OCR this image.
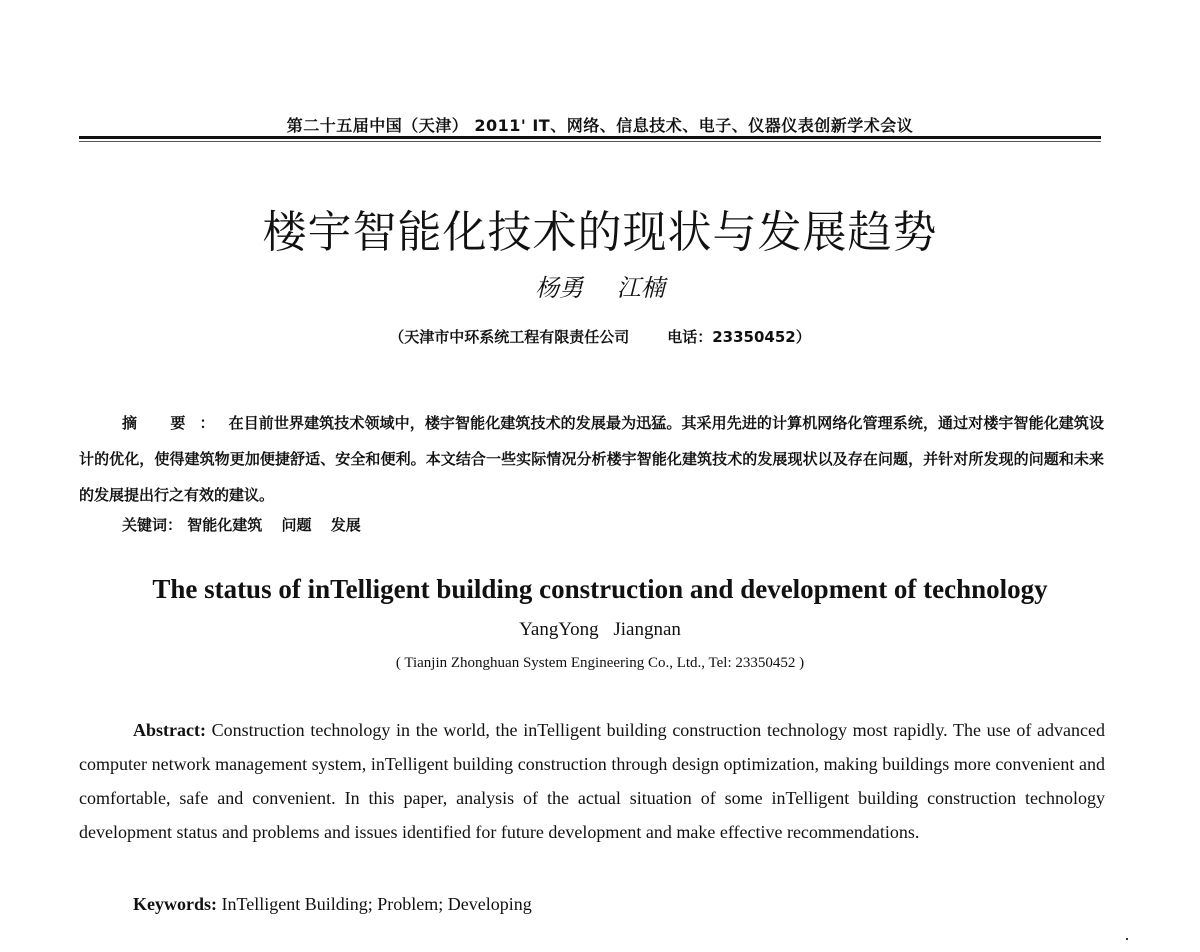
第二十五届中国（天津） 2011' IT、网络、信息技术、电子、仪器仪表创新学术会议
楼宇智能化技术的现状与发展趋势
杨勇 江楠
（天津市中环系统工程有限责任公司	电话：23350452）
摘 要：在目前世界建筑技术领域中，楼宇智能化建筑技术的发展最为迅猛。其采用先进的计算机网络化管理系统，通过对楼宇智能化建筑设计的优化，使得建筑物更加便捷舒适、安全和便利。本文结合一些实际情况分析楼宇智能化建筑技术的发展现状以及存在问题，并针对所发现的问题和未来的发展提出行之有效的建议。
关键词： 智能化建筑 问题 发展
The status of inTelligent building construction and development of technology
YangYong Jiangnan
( Tianjin Zhonghuan System Engineering Co., Ltd., Tel: 23350452 )
Abstract: Construction technology in the world, the inTelligent building construction technology most rapidly. The use of advanced computer network management system, inTelligent building construction through design optimization, making buildings more convenient and comfortable, safe and convenient. In this paper, analysis of the actual situation of some inTelligent building construction technology development status and problems and issues identified for future development and make effective recommendations.
Keywords: InTelligent Building; Problem; Developing
